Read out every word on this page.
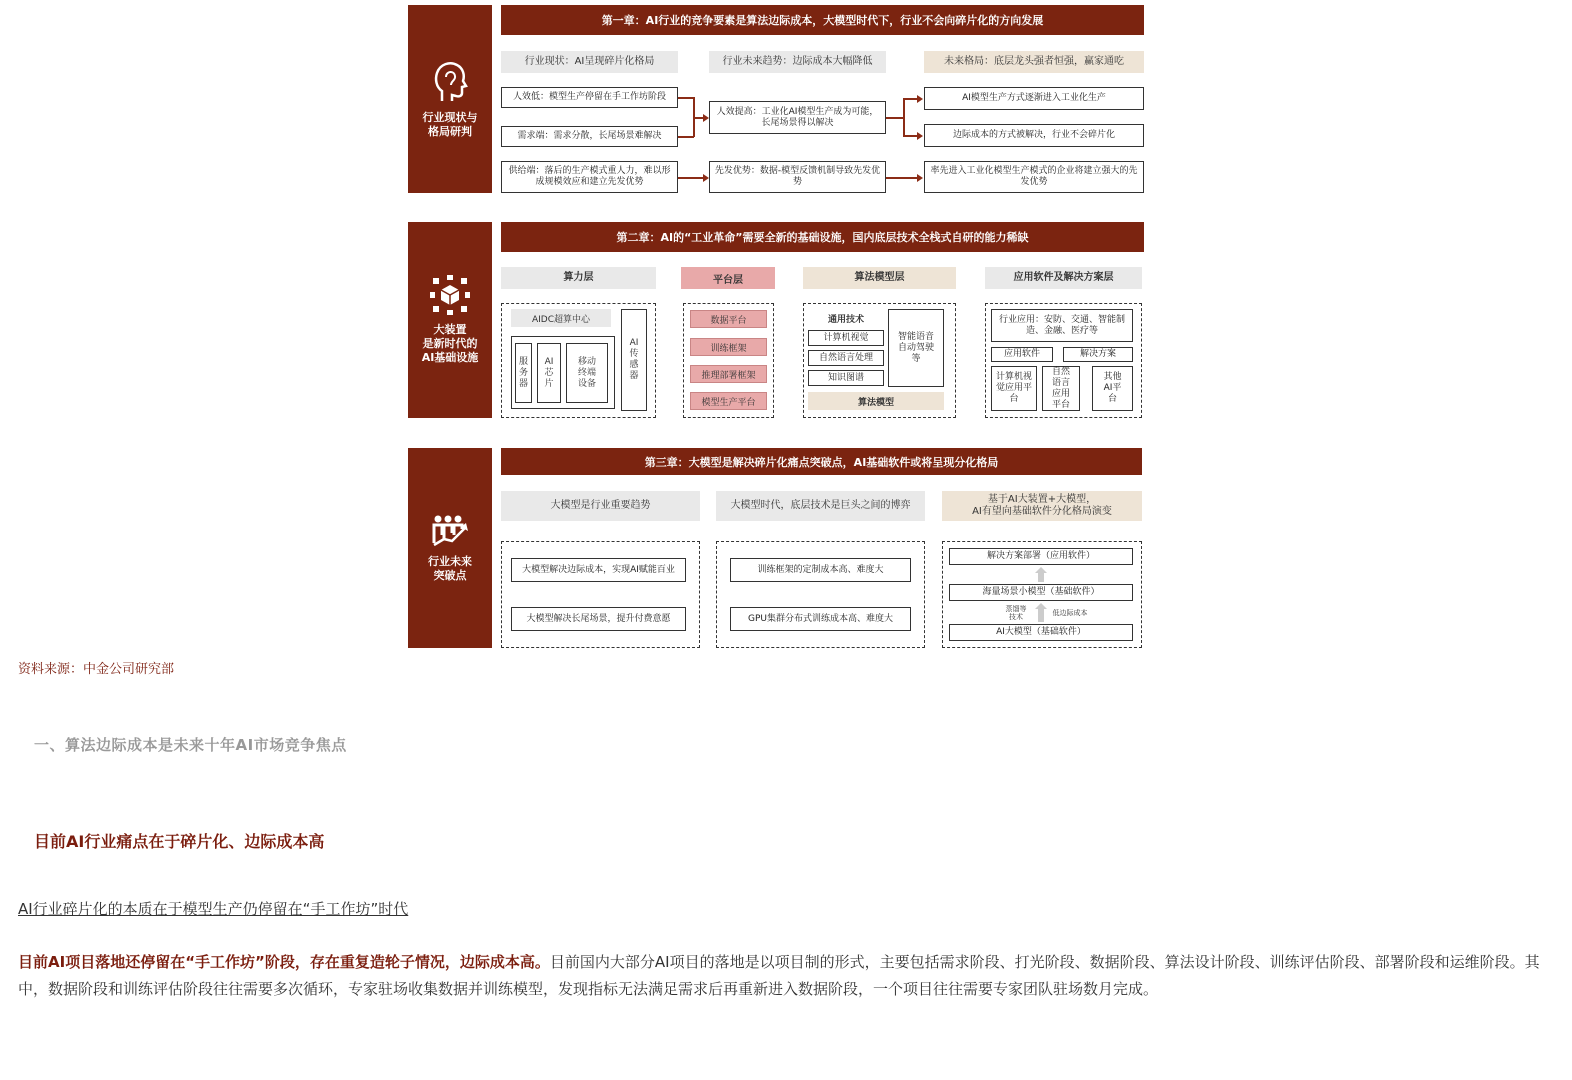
行业现状与
格局研判
第一章：AI行业的竞争要素是算法边际成本，大模型时代下，行业不会向碎片化的方向发展
行业现状：AI呈现碎片化格局	行业未来趋势：边际成本大幅降低	未来格局：底层龙头强者恒强，赢家通吃
人效低：模型生产停留在手工作坊阶段
需求端：需求分散，长尾场景难解决
供给端：落后的生产模式重人力，难以形成规模效应和建立先发优势
人效提高：工业化AI模型生产成为可能，长尾场景得以解决
先发优势：数据-模型反馈机制导致先发优势
AI模型生产方式逐渐进入工业化生产
边际成本的方式被解决，行业不会碎片化
率先进入工业化模型生产模式的企业将建立强大的先发优势
大装置
是新时代的
AI基础设施
第二章：AI的“工业革命”需要全新的基础设施，国内底层技术全栈式自研的能力稀缺
算力层	平台层	算法模型层	应用软件及解决方案层
AIDC超算中心
服务器
AI芯片
移动终端设备
AI传感器
数据平台
训练框架
推理部署框架
模型生产平台
通用技术
计算机视觉
自然语言处理
知识图谱
智能语音自动驾驶等
算法模型
行业应用：安防、交通、智能制造、金融、医疗等
应用软件	解决方案
计算机视觉应用平台
自然语言应用平台
其他AI平台
行业未来
突破点
第三章：大模型是解决碎片化痛点突破点，AI基础软件或将呈现分化格局
大模型是行业重要趋势	大模型时代，底层技术是巨头之间的博弈
基于AI大装置+大模型，
AI有望向基础软件分化格局演变
大模型解决边际成本，实现AI赋能百业
大模型解决长尾场景，提升付费意愿
训练框架的定制成本高、难度大
GPU集群分布式训练成本高、难度大
解决方案部署（应用软件）
海量场景小模型（基础软件）
蒸馏等
技术	低边际成本
AI大模型（基础软件）
资料来源：中金公司研究部
一、算法边际成本是未来十年AI市场竞争焦点
目前AI行业痛点在于碎片化、边际成本高
AI行业碎片化的本质在于模型生产仍停留在“手工作坊”时代
目前AI项目落地还停留在“手工作坊”阶段，存在重复造轮子情况，边际成本高。目前国内大部分AI项目的落地是以项目制的形式，主要包括需求阶段、打光阶段、数据阶段、算法设计阶段、训练评估阶段、部署阶段和运维阶段。其中，数据阶段和训练评估阶段往往需要多次循环，专家驻场收集数据并训练模型，发现指标无法满足需求后再重新进入数据阶段，一个项目往往需要专家团队驻场数月完成。
